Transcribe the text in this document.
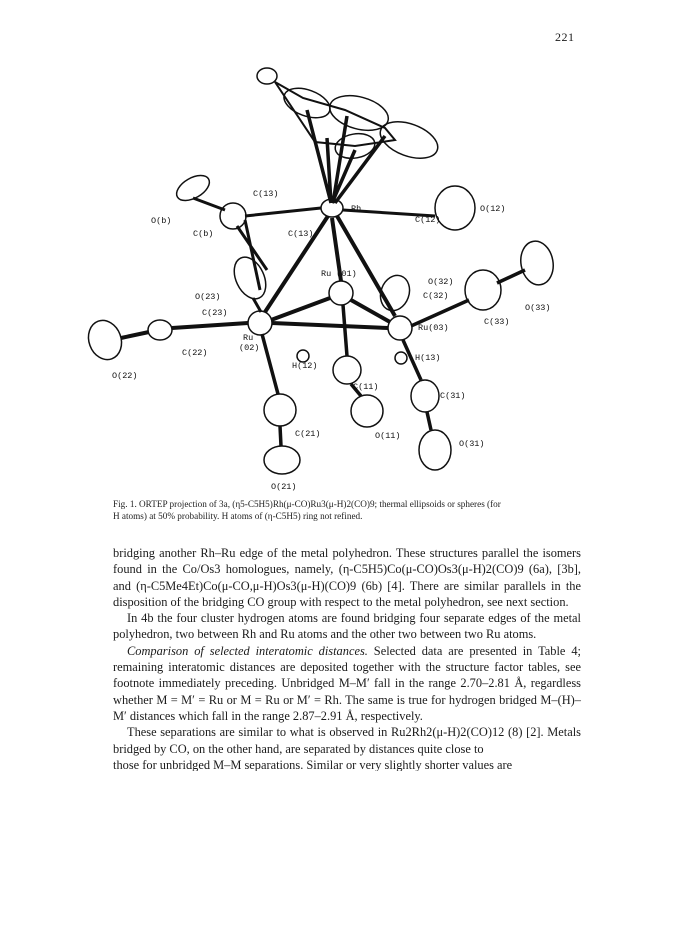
221
C(13)
O(b)
C(b)	C(13)
Rh	O(12)
C(12)
Ru (01)
O(32)
C(32)
O(33)
C(33)
O(23)
C(23)
Ru(03)
Ru
(02)
C(22)
O(22)
H(12)
H(13)
C(11)
C(31)
C(21)	O(11)
O(31)
O(21)
Fig. 1. ORTEP projection of 3a, (η5-C5H5)Rh(μ-CO)Ru3(μ-H)2(CO)9; thermal ellipsoids or spheres (for
H atoms) at 50% probability. H atoms of (η-C5H5) ring not refined.

bridging another Rh–Ru edge of the metal polyhedron. These structures parallel the isomers found in the Co/Os3 homologues, namely, (η-C5H5)Co(μ-CO)Os3(μ-H)2(CO)9 (6a), [3b], and (η-C5Me4Et)Co(μ-CO,μ-H)Os3(μ-H)(CO)9 (6b) [4]. There are similar parallels in the disposition of the bridging CO group with respect to the metal polyhedron, see next section.

In 4b the four cluster hydrogen atoms are found bridging four separate edges of the metal polyhedron, two between Rh and Ru atoms and the other two between two Ru atoms.

Comparison of selected interatomic distances. Selected data are presented in Table 4; remaining interatomic distances are deposited together with the structure factor tables, see footnote immediately preceding. Unbridged M–M′ fall in the range 2.70–2.81 Å, regardless whether M = M′ = Ru or M = Ru or M′ = Rh. The same is true for hydrogen bridged M–(H)–M′ distances which fall in the range 2.87–2.91 Å, respectively.

These separations are similar to what is observed in Ru2Rh2(μ-H)2(CO)12 (8) [2]. Metals bridged by CO, on the other hand, are separated by distances quite close to

those for unbridged M–M separations. Similar or very slightly shorter values are
